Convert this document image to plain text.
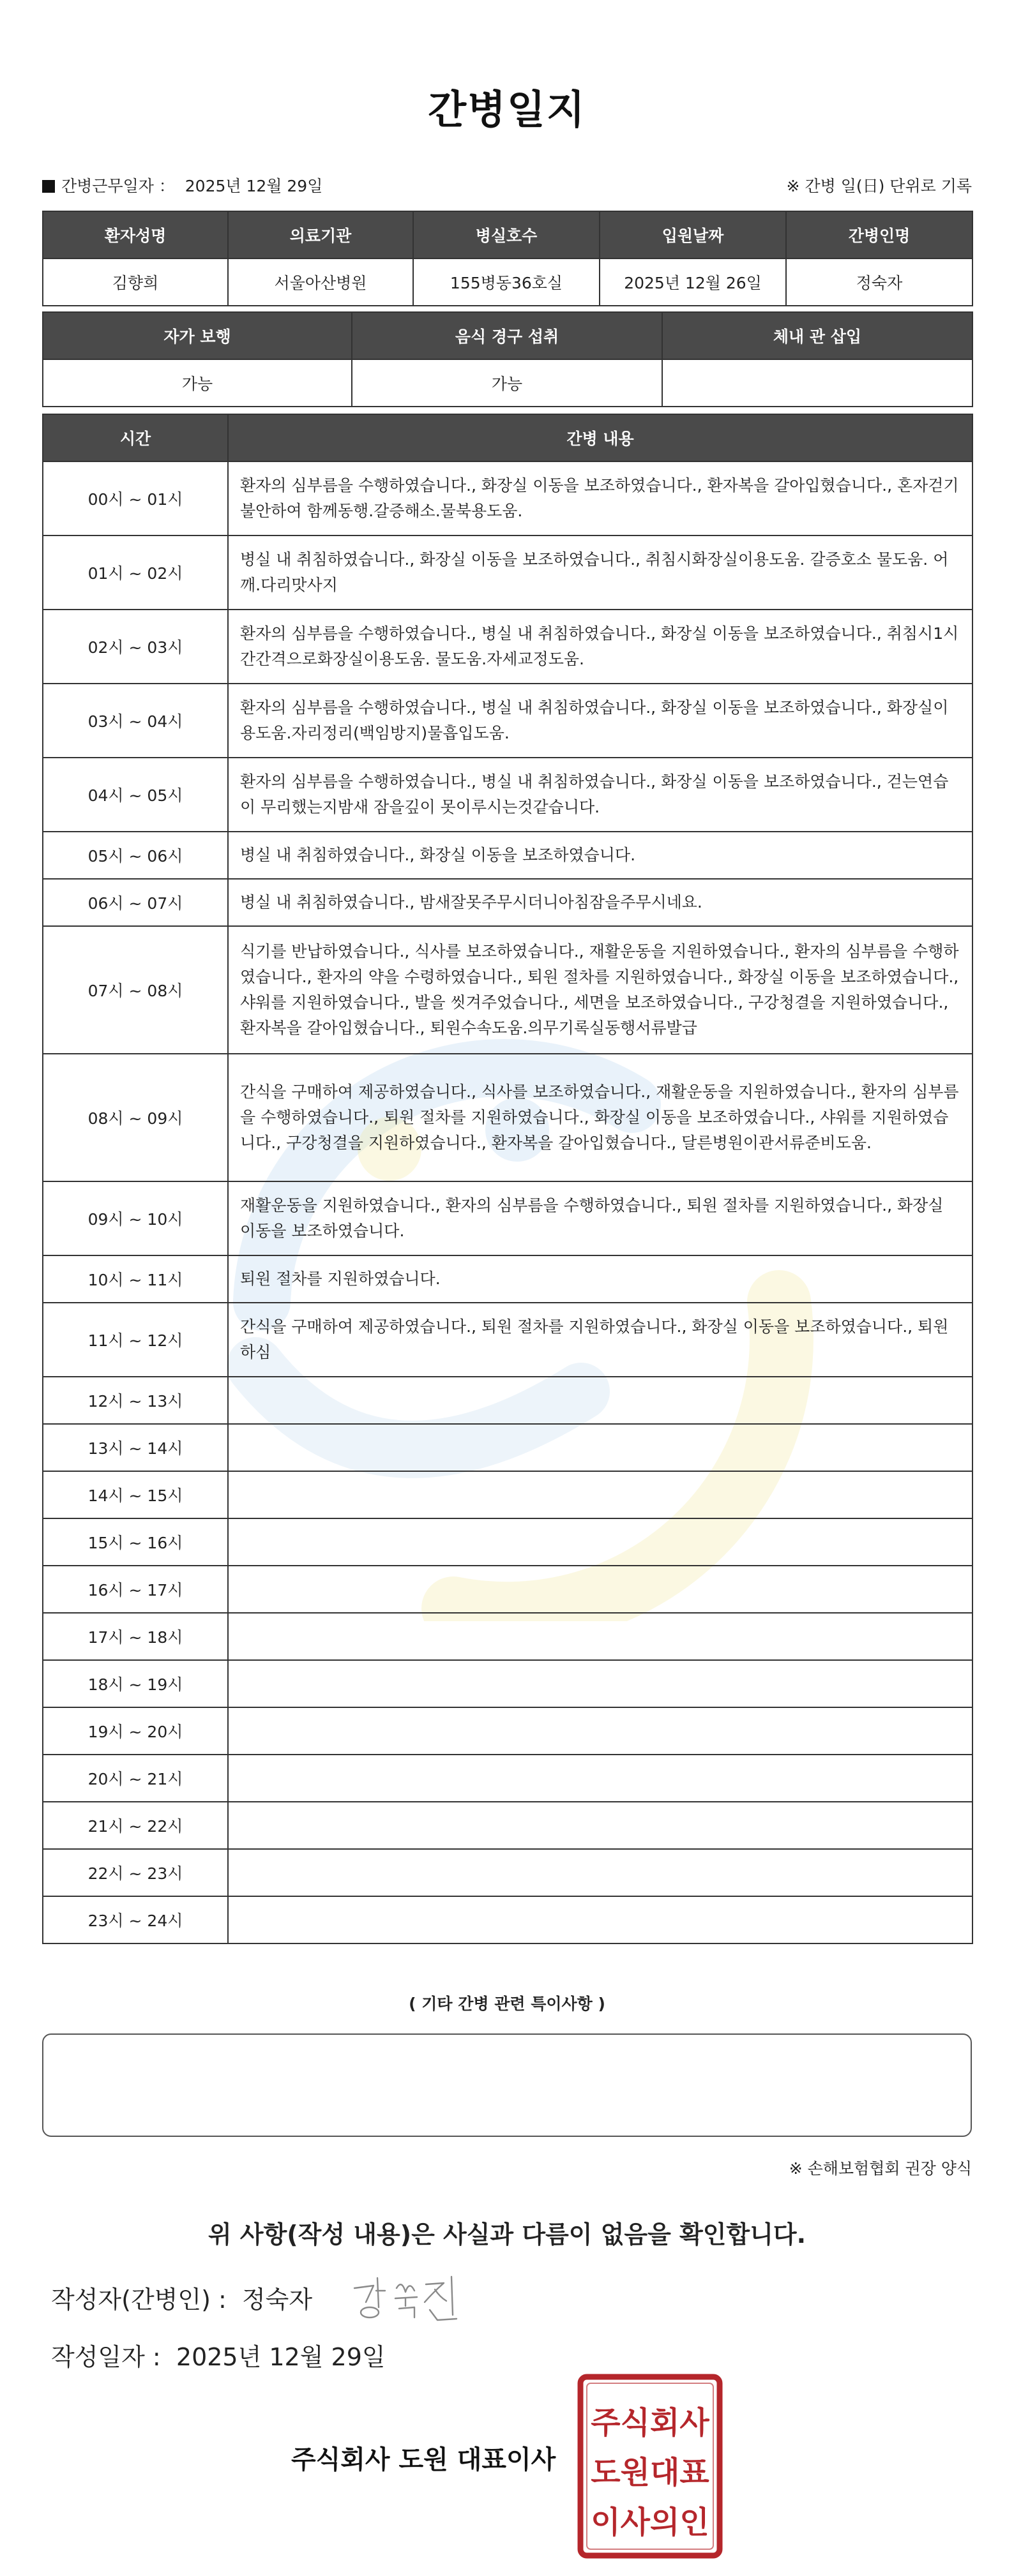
간병일지
간병근무일자 ： 2025년 12월 29일	※ 간병 일(日) 단위로 기록
환자성명	의료기관	병실호수	입원날짜	간병인명
김향희	서울아산병원	155병동36호실	2025년 12월 26일	정숙자
자가 보행	음식 경구 섭취	체내 관 삽입
가능	가능	
시간	간병 내용
00시 ~ 01시	환자의 심부름을 수행하였습니다., 화장실 이동을 보조하였습니다., 환자복을 갈아입혔습니다., 혼자걷기불안하여 함께동행.갈증해소.물북용도움.
01시 ~ 02시	병실 내 취침하였습니다., 화장실 이동을 보조하였습니다., 취침시화장실이용도움. 갈증호소 물도움. 어깨.다리맛사지
02시 ~ 03시	환자의 심부름을 수행하였습니다., 병실 내 취침하였습니다., 화장실 이동을 보조하였습니다., 취침시1시간간격으로화장실이용도움. 물도움.자세교정도움.
03시 ~ 04시	환자의 심부름을 수행하였습니다., 병실 내 취침하였습니다., 화장실 이동을 보조하였습니다., 화장실이용도움.자리정리(백임방지)물흡입도움.
04시 ~ 05시	환자의 심부름을 수행하였습니다., 병실 내 취침하였습니다., 화장실 이동을 보조하였습니다., 걷는연습이 무리했는지밤새 잠을깊이 못이루시는것같습니다.
05시 ~ 06시	병실 내 취침하였습니다., 화장실 이동을 보조하였습니다.
06시 ~ 07시	병실 내 취침하였습니다., 밤새잘못주무시더니아침잠을주무시네요.
07시 ~ 08시	식기를 반납하였습니다., 식사를 보조하였습니다., 재활운동을 지원하였습니다., 환자의 심부름을 수행하였습니다., 환자의 약을 수령하였습니다., 퇴원 절차를 지원하였습니다., 화장실 이동을 보조하였습니다., 샤워를 지원하였습니다., 발을 씻겨주었습니다., 세면을 보조하였습니다., 구강청결을 지원하였습니다., 환자복을 갈아입혔습니다., 퇴원수속도움.의무기록실동행서류발급
08시 ~ 09시	간식을 구매하여 제공하였습니다., 식사를 보조하였습니다., 재활운동을 지원하였습니다., 환자의 심부름을 수행하였습니다., 퇴원 절차를 지원하였습니다., 화장실 이동을 보조하였습니다., 샤워를 지원하였습니다., 구강청결을 지원하였습니다., 환자복을 갈아입혔습니다., 달른병원이관서류준비도움.
09시 ~ 10시	재활운동을 지원하였습니다., 환자의 심부름을 수행하였습니다., 퇴원 절차를 지원하였습니다., 화장실 이동을 보조하였습니다.
10시 ~ 11시	퇴원 절차를 지원하였습니다.
11시 ~ 12시	간식을 구매하여 제공하였습니다., 퇴원 절차를 지원하였습니다., 화장실 이동을 보조하였습니다., 퇴원하심
12시 ~ 13시	
13시 ~ 14시	
14시 ~ 15시	
15시 ~ 16시	
16시 ~ 17시	
17시 ~ 18시	
18시 ~ 19시	
19시 ~ 20시	
20시 ~ 21시	
21시 ~ 22시	
22시 ~ 23시	
23시 ~ 24시	
( 기타 간병 관련 특이사항 )
※ 손해보험협회 권장 양식
위 사항(작성 내용)은 사실과 다름이 없음을 확인합니다.
작성자(간병인) : 정숙자
작성일자 : 2025년 12월 29일
주식회사 도원 대표이사
주식회사
도원대표
이사의인
